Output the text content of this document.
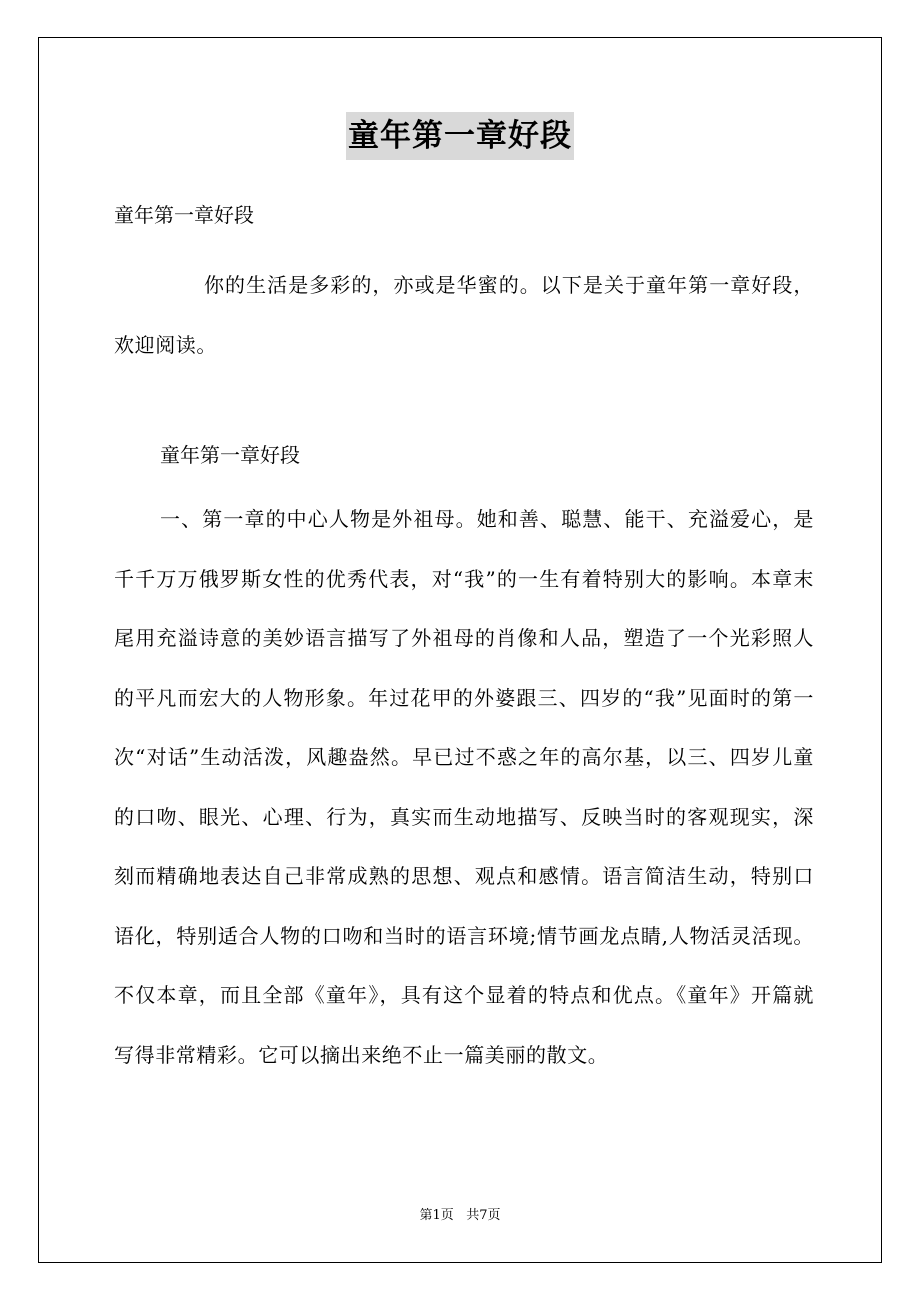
童年第一章好段
童年第一章好段

你的生活是多彩的，亦或是华蜜的。以下是关于童年第一章好段，欢迎阅读。

童年第一章好段

一、第一章的中心人物是外祖母。她和善、聪慧、能干、充溢爱心，是千千万万俄罗斯女性的优秀代表，对“我”的一生有着特别大的影响。本章末尾用充溢诗意的美妙语言描写了外祖母的肖像和人品，塑造了一个光彩照人的平凡而宏大的人物形象。年过花甲的外婆跟三、四岁的“我”见面时的第一次“对话”生动活泼，风趣盎然。早已过不惑之年的高尔基，以三、四岁儿童的口吻、眼光、心理、行为，真实而生动地描写、反映当时的客观现实，深刻而精确地表达自己非常成熟的思想、观点和感情。语言简洁生动，特别口语化，特别适合人物的口吻和当时的语言环境;情节画龙点睛,人物活灵活现。不仅本章，而且全部《童年》，具有这个显着的特点和优点。《童年》开篇就写得非常精彩。它可以摘出来绝不止一篇美丽的散文。

第1页 共7页
